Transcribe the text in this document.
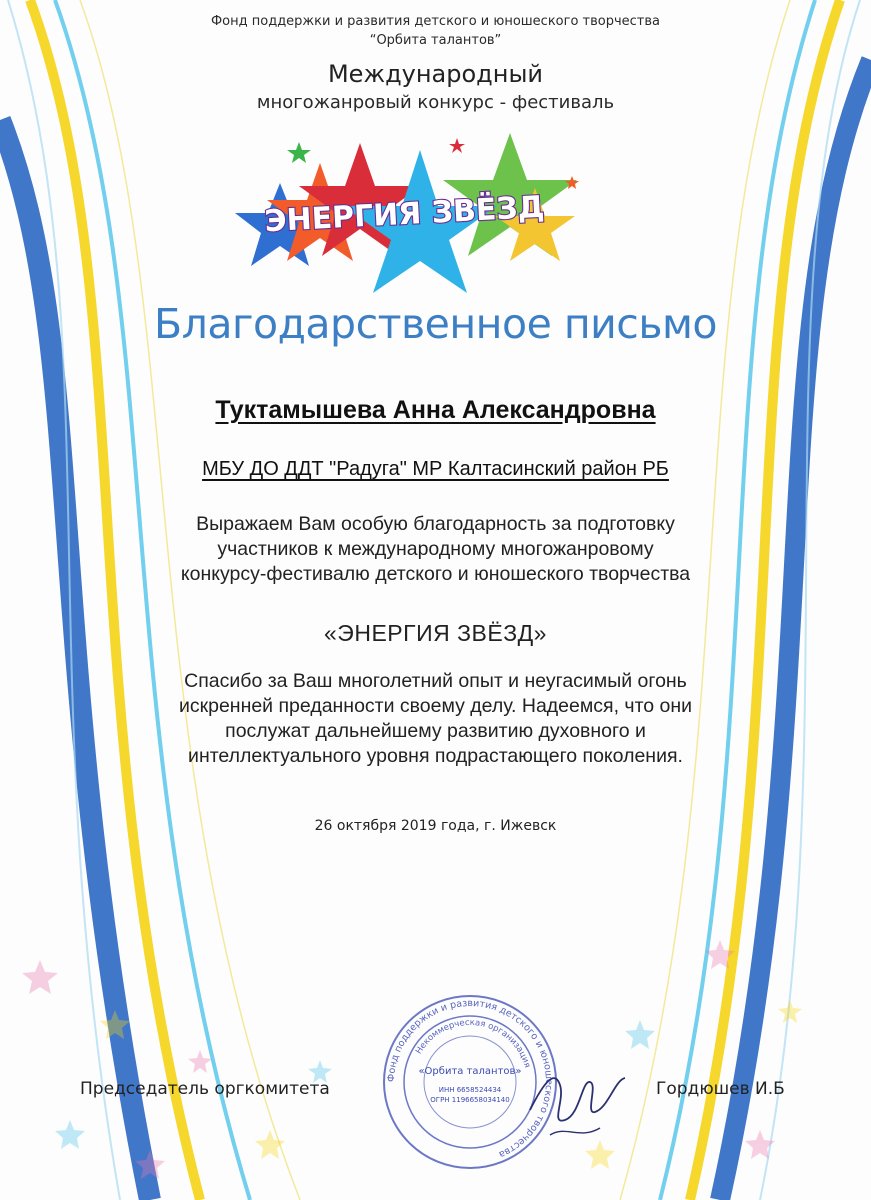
Фонд поддержки и развития детского и юношеского творчества
“Орбита талантов”
Международный
многожанровый конкурс - фестиваль
ЭНЕРГИЯ ЗВЁЗД
Благодарственное письмо
Туктамышева Анна Александровна
МБУ ДО ДДТ "Радуга" МР Калтасинский район РБ
Выражаем Вам особую благодарность за подготовку
участников к международному многожанровому
конкурсу-фестивалю детского и юношеского творчества
«ЭНЕРГИЯ ЗВЁЗД»
Спасибо за Ваш многолетний опыт и неугасимый огонь
искренней преданности своему делу. Надеемся, что они
послужат дальнейшему развитию духовного и
интеллектуального уровня подрастающего поколения.
26 октября 2019 года, г. Ижевск
Фонд поддержки и развития детского и юношеского творчества
Некоммерческая организация
«Орбита талантов»
ИНН 6658524434
ОГРН 1196658034140
Председатель оргкомитета	Гордюшев И.Б
